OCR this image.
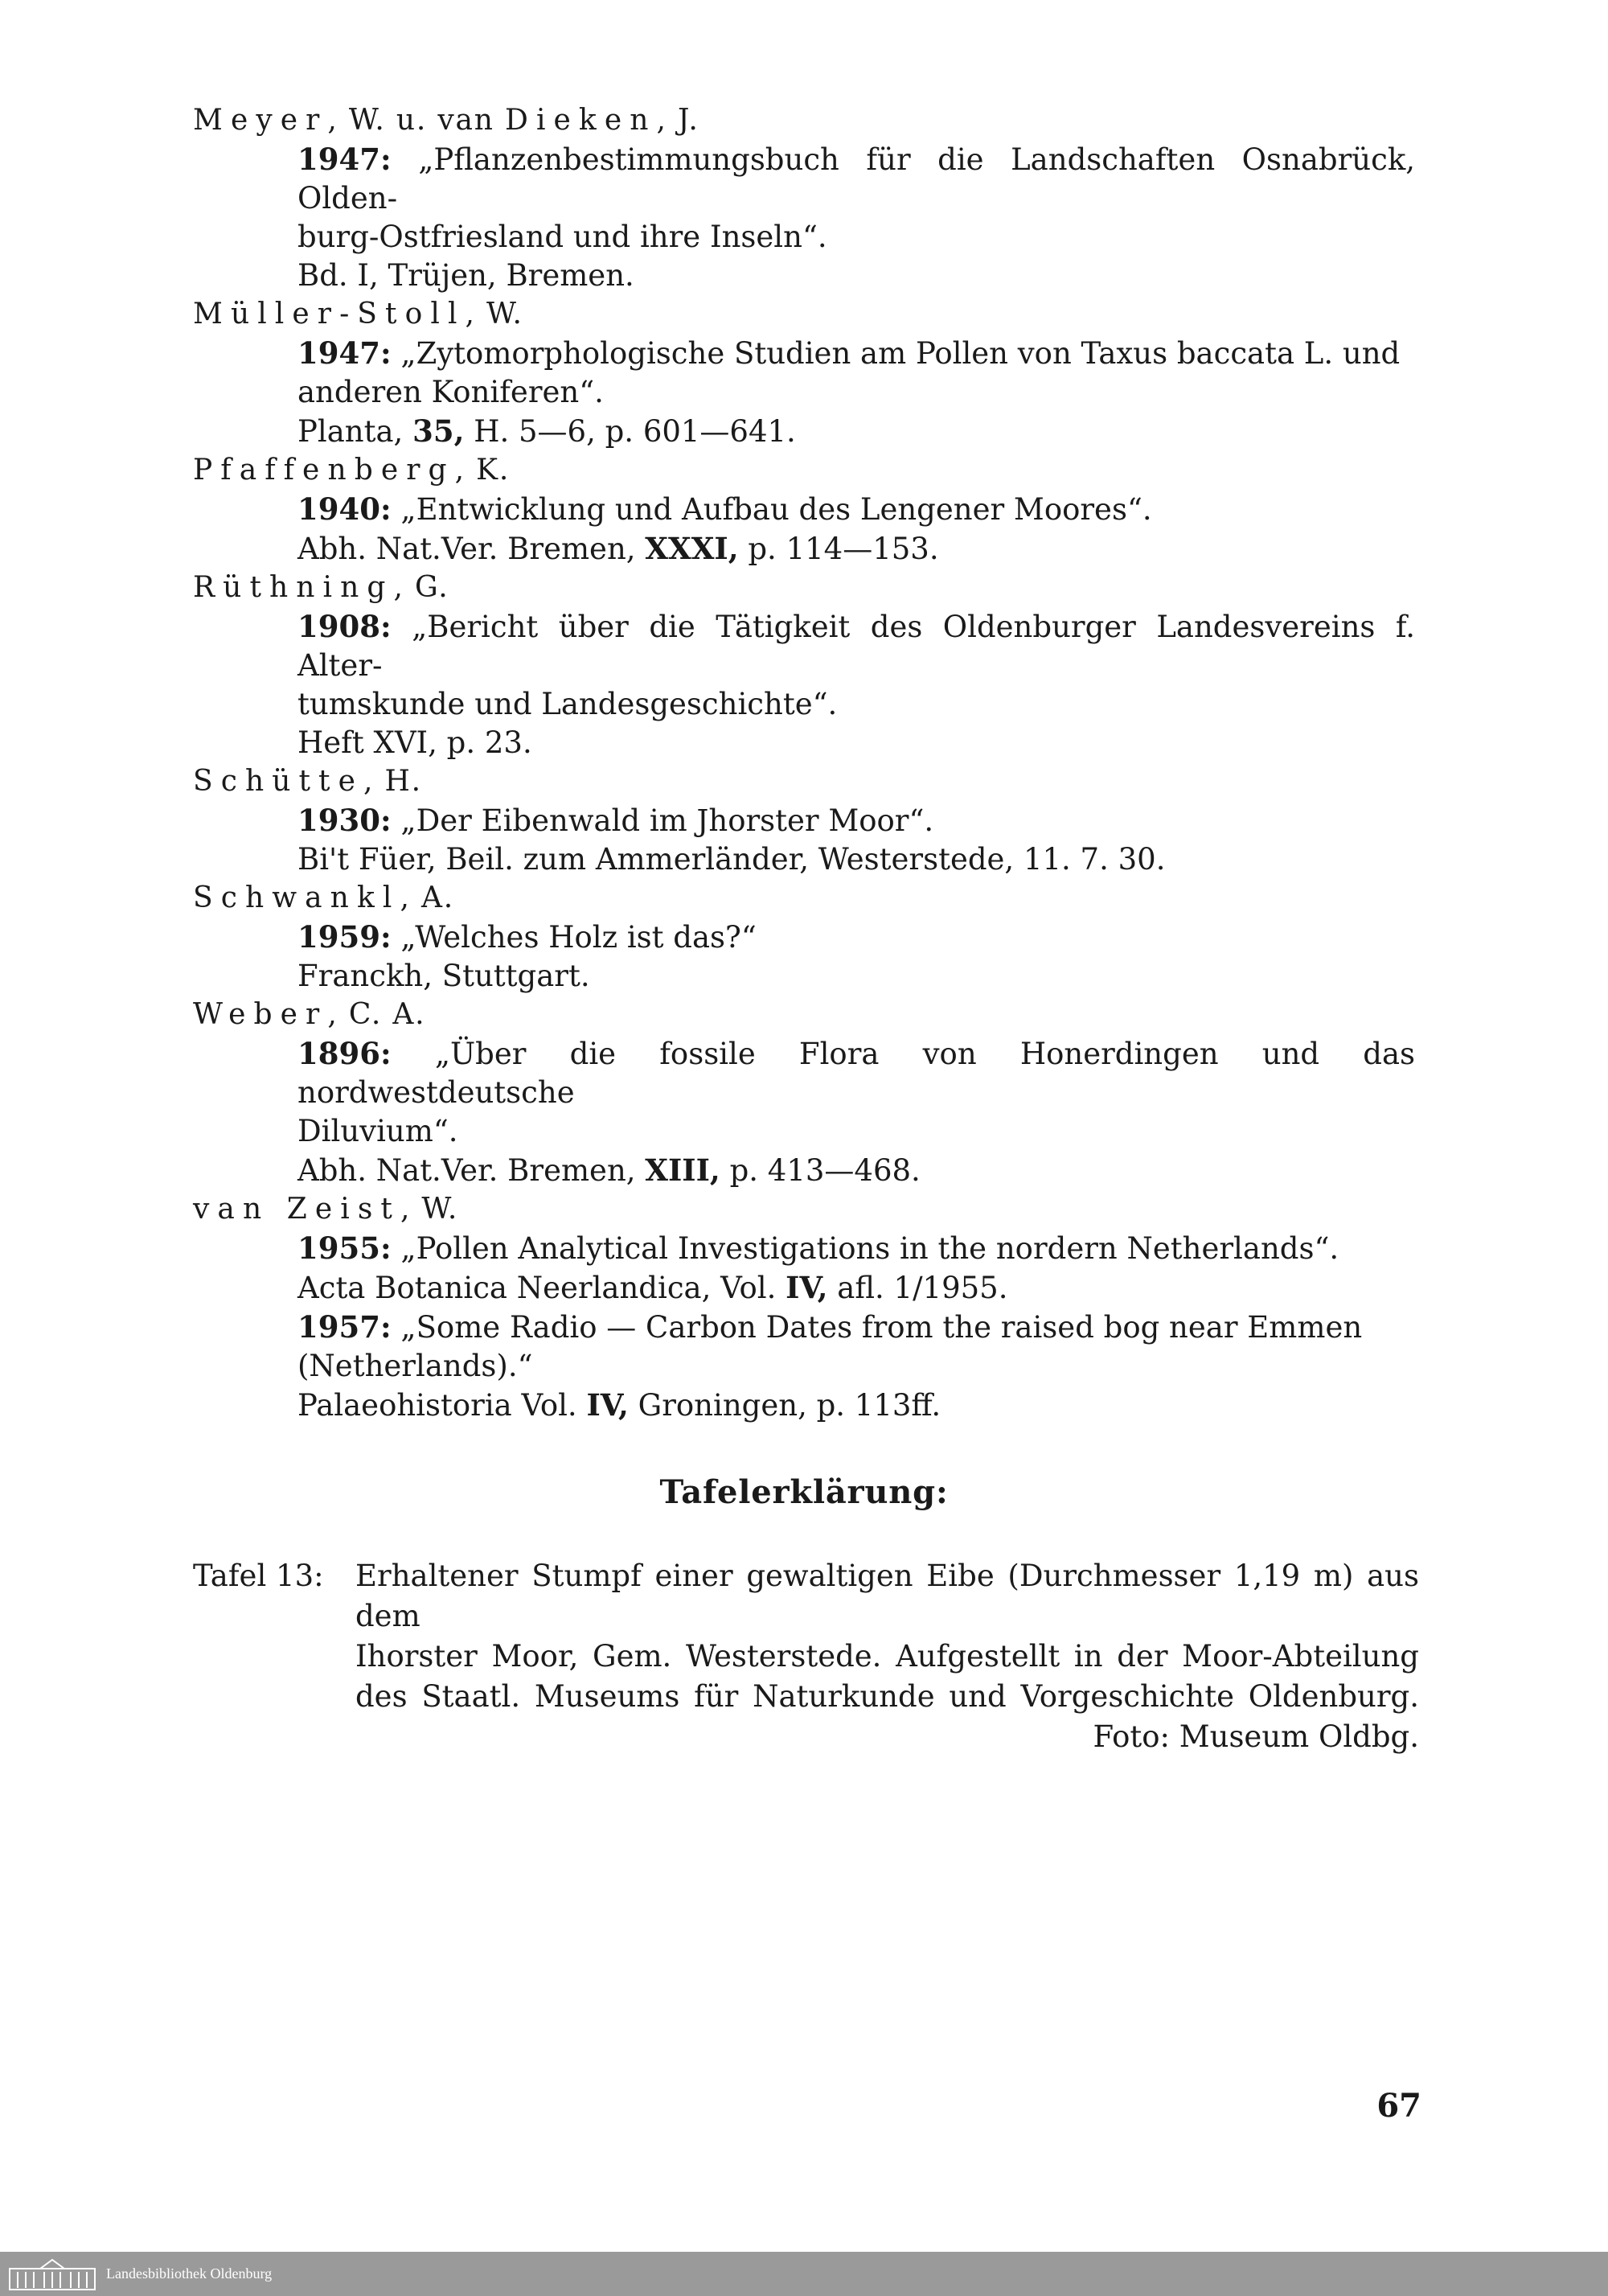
Meyer, W. u. van Dieken, J.
1947: „Pflanzenbestimmungsbuch für die Landschaften Osnabrück, Olden-
burg-Ostfriesland und ihre Inseln“.
Bd. I, Trüjen, Bremen.
Müller-Stoll, W.
1947: „Zytomorphologische Studien am Pollen von Taxus baccata L. und
anderen Koniferen“.
Planta, 35, H. 5—6, p. 601—641.
Pfaffenberg, K.
1940: „Entwicklung und Aufbau des Lengener Moores“.
Abh. Nat.Ver. Bremen, XXXI, p. 114—153.
Rüthning, G.
1908: „Bericht über die Tätigkeit des Oldenburger Landesvereins f. Alter-
tumskunde und Landesgeschichte“.
Heft XVI, p. 23.
Schütte, H.
1930: „Der Eibenwald im Jhorster Moor“.
Bi't Füer, Beil. zum Ammerländer, Westerstede, 11. 7. 30.
Schwankl, A.
1959: „Welches Holz ist das?“
Franckh, Stuttgart.
Weber, C. A.
1896: „Über die fossile Flora von Honerdingen und das nordwestdeutsche
Diluvium“.
Abh. Nat.Ver. Bremen, XIII, p. 413—468.
van Zeist, W.
1955: „Pollen Analytical Investigations in the nordern Netherlands“.
Acta Botanica Neerlandica, Vol. IV, afl. 1/1955.
1957: „Some Radio — Carbon Dates from the raised bog near Emmen
(Netherlands).“
Palaeohistoria Vol. IV, Groningen, p. 113ff.
Tafelerklärung:
Tafel 13: Erhaltener Stumpf einer gewaltigen Eibe (Durchmesser 1,19 m) aus dem
Ihorster Moor, Gem. Westerstede. Aufgestellt in der Moor-Abteilung
des Staatl. Museums für Naturkunde und Vorgeschichte Oldenburg.
Foto: Museum Oldbg.
67
Landesbibliothek Oldenburg
